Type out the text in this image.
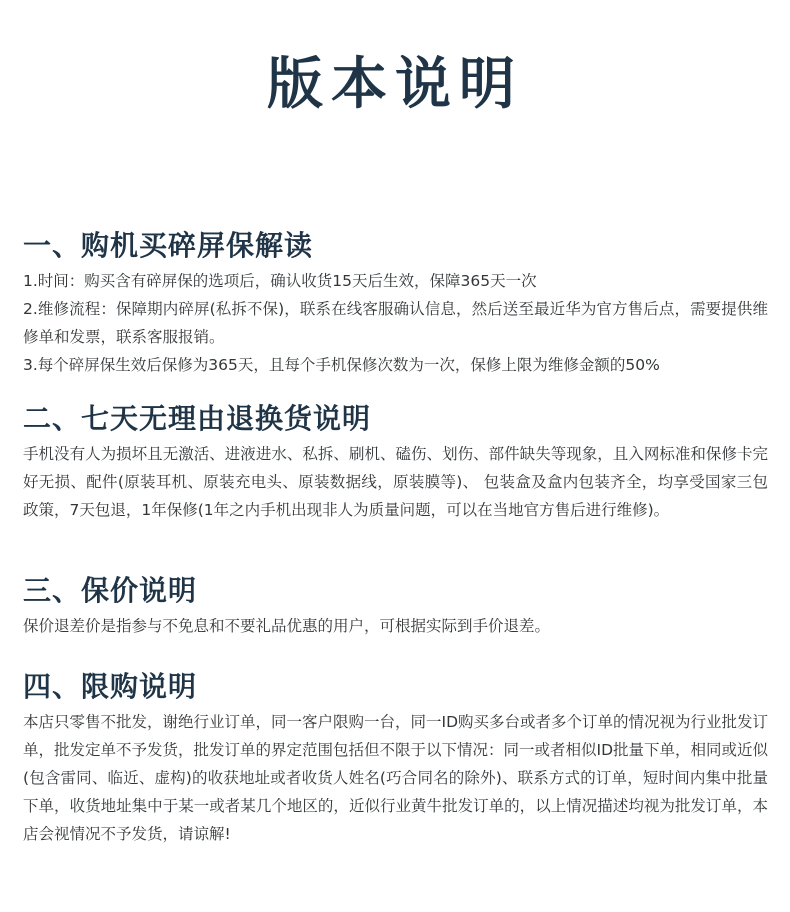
版本说明
一、购机买碎屏保解读

1.时间：购买含有碎屏保的选项后，确认收货15天后生效，保障365天一次

2.维修流程：保障期内碎屏(私拆不保)，联系在线客服确认信息，然后送至最近华为官方售后点，需要提供维修单和发票，联系客服报销。

3.每个碎屏保生效后保修为365天，且每个手机保修次数为一次，保修上限为维修金额的50%

二、七天无理由退换货说明

手机没有人为损坏且无激活、进液进水、私拆、刷机、磕伤、划伤、部件缺失等现象，且入网标准和保修卡完好无损、配件(原装耳机、原装充电头、原装数据线，原装膜等)、 包装盒及盒内包装齐全，均享受国家三包政策，7天包退，1年保修(1年之内手机出现非人为质量问题，可以在当地官方售后进行维修)。

三、保价说明

保价退差价是指参与不免息和不要礼品优惠的用户，可根据实际到手价退差。

四、限购说明

本店只零售不批发，谢绝行业订单，同一客户限购一台，同一ID购买多台或者多个订单的情况视为行业批发订单，批发定单不予发货，批发订单的界定范围包括但不限于以下情况：同一或者相似ID批量下单，相同或近似(包含雷同、临近、虚构)的收获地址或者收货人姓名(巧合同名的除外)、联系方式的订单，短时间内集中批量下单，收货地址集中于某一或者某几个地区的，近似行业黄牛批发订单的，以上情况描述均视为批发订单，本店会视情况不予发货，请谅解!
